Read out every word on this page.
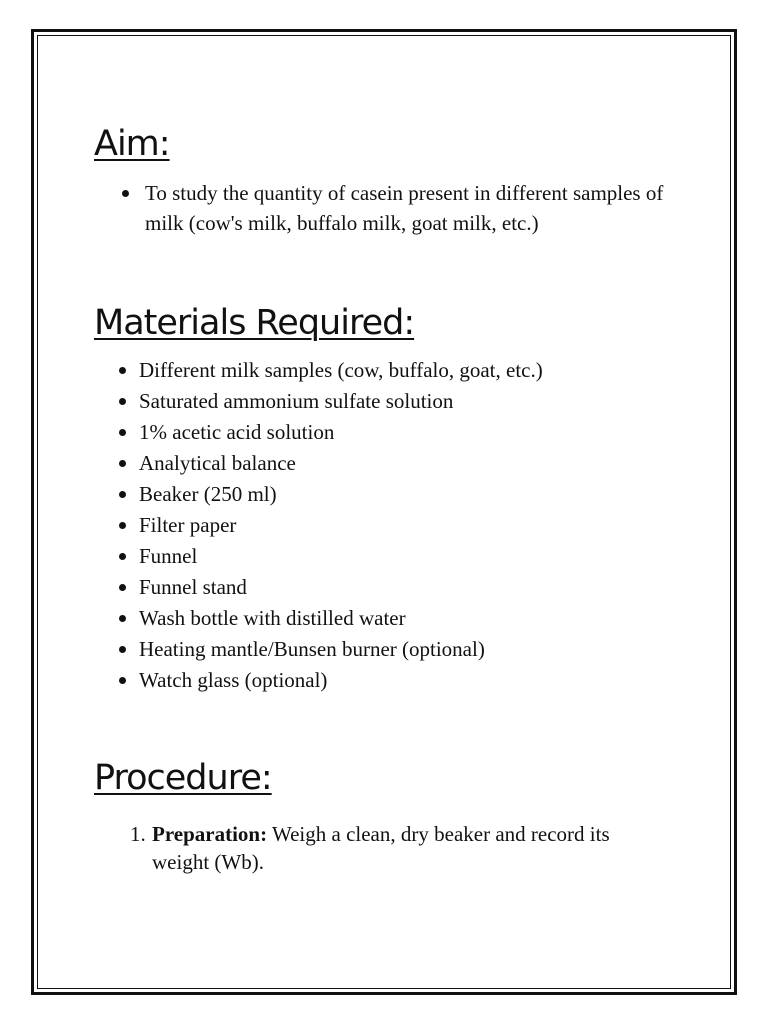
Aim:
To study the quantity of casein present in different samples of milk (cow's milk, buffalo milk, goat milk, etc.)
Materials Required:
Different milk samples (cow, buffalo, goat, etc.)
Saturated ammonium sulfate solution
1% acetic acid solution
Analytical balance
Beaker (250 ml)
Filter paper
Funnel
Funnel stand
Wash bottle with distilled water
Heating mantle/Bunsen burner (optional)
Watch glass (optional)
Procedure:
1. Preparation: Weigh a clean, dry beaker and record its weight (Wb).
